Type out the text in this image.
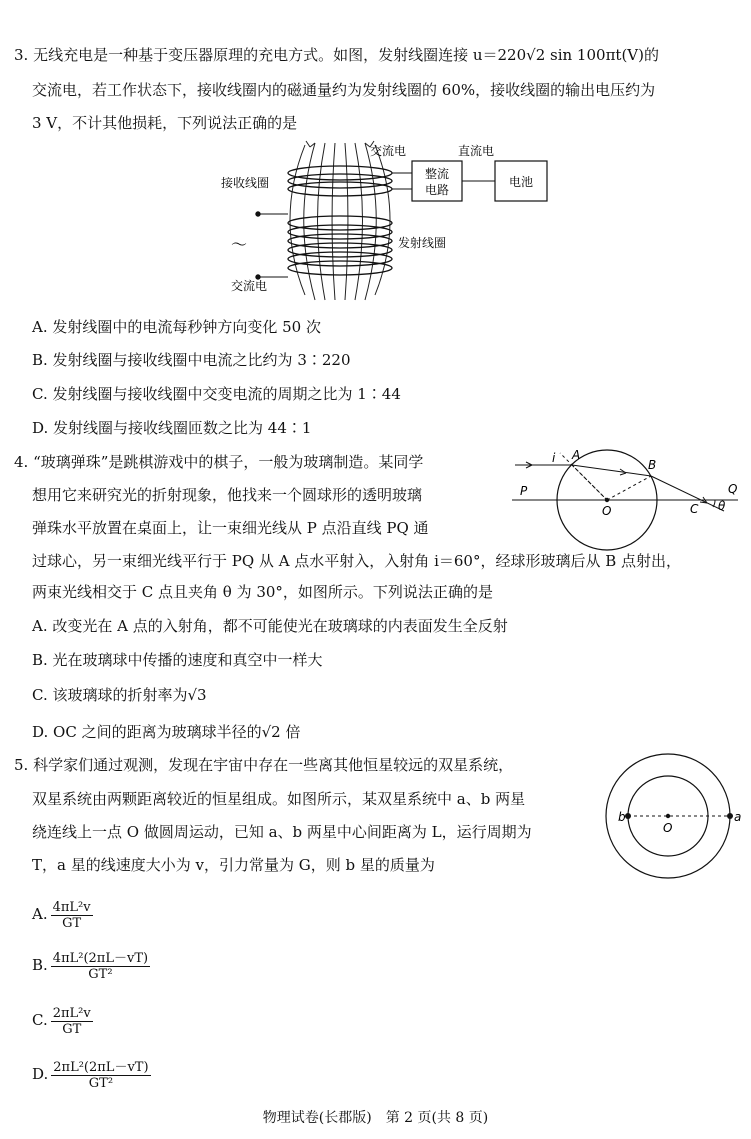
3. 无线充电是一种基于变压器原理的充电方式。如图，发射线圈连接 u＝220√2 sin 100πt(V)的
交流电，若工作状态下，接收线圈内的磁通量约为发射线圈的 60%，接收线圈的输出电压约为
3 V，不计其他损耗，下列说法正确的是
整流
电路
电池
交流电	直流电
接收线圈
发射线圈
～
交流电
A. 发射线圈中的电流每秒钟方向变化 50 次
B. 发射线圈与接收线圈中电流之比约为 3∶220
C. 发射线圈与接收线圈中交变电流的周期之比为 1∶44
D. 发射线圈与接收线圈匝数之比为 44∶1
4. “玻璃弹珠”是跳棋游戏中的棋子，一般为玻璃制造。某同学
想用它来研究光的折射现象，他找来一个圆球形的透明玻璃
弹珠水平放置在桌面上，让一束细光线从 P 点沿直线 PQ 通
i A
B
P
O	C
Q
θ
过球心，另一束细光线平行于 PQ 从 A 点水平射入，入射角 i＝60°，经球形玻璃后从 B 点射出，
两束光线相交于 C 点且夹角 θ 为 30°，如图所示。下列说法正确的是
A. 改变光在 A 点的入射角，都不可能使光在玻璃球的内表面发生全反射
B. 光在玻璃球中传播的速度和真空中一样大
C. 该玻璃球的折射率为√3
D. OC 之间的距离为玻璃球半径的√2 倍
5. 科学家们通过观测，发现在宇宙中存在一些离其他恒星较远的双星系统，
双星系统由两颗距离较近的恒星组成。如图所示，某双星系统中 a、b 两星
绕连线上一点 O 做圆周运动，已知 a、b 两星中心间距离为 L，运行周期为
T，a 星的线速度大小为 v，引力常量为 G，则 b 星的质量为
b	a
O
A. $\frac{\text{4πL²v}}{GT}$
B. $\frac{\text{4πL²(2πL－vT)}}{\text{GT²}}$
C. $\frac{\text{2πL²v}}{GT}$
D. $\frac{\text{2πL²(2πL－vT)}}{\text{GT²}}$
物理试卷(长郡版)　第 2 页(共 8 页)
